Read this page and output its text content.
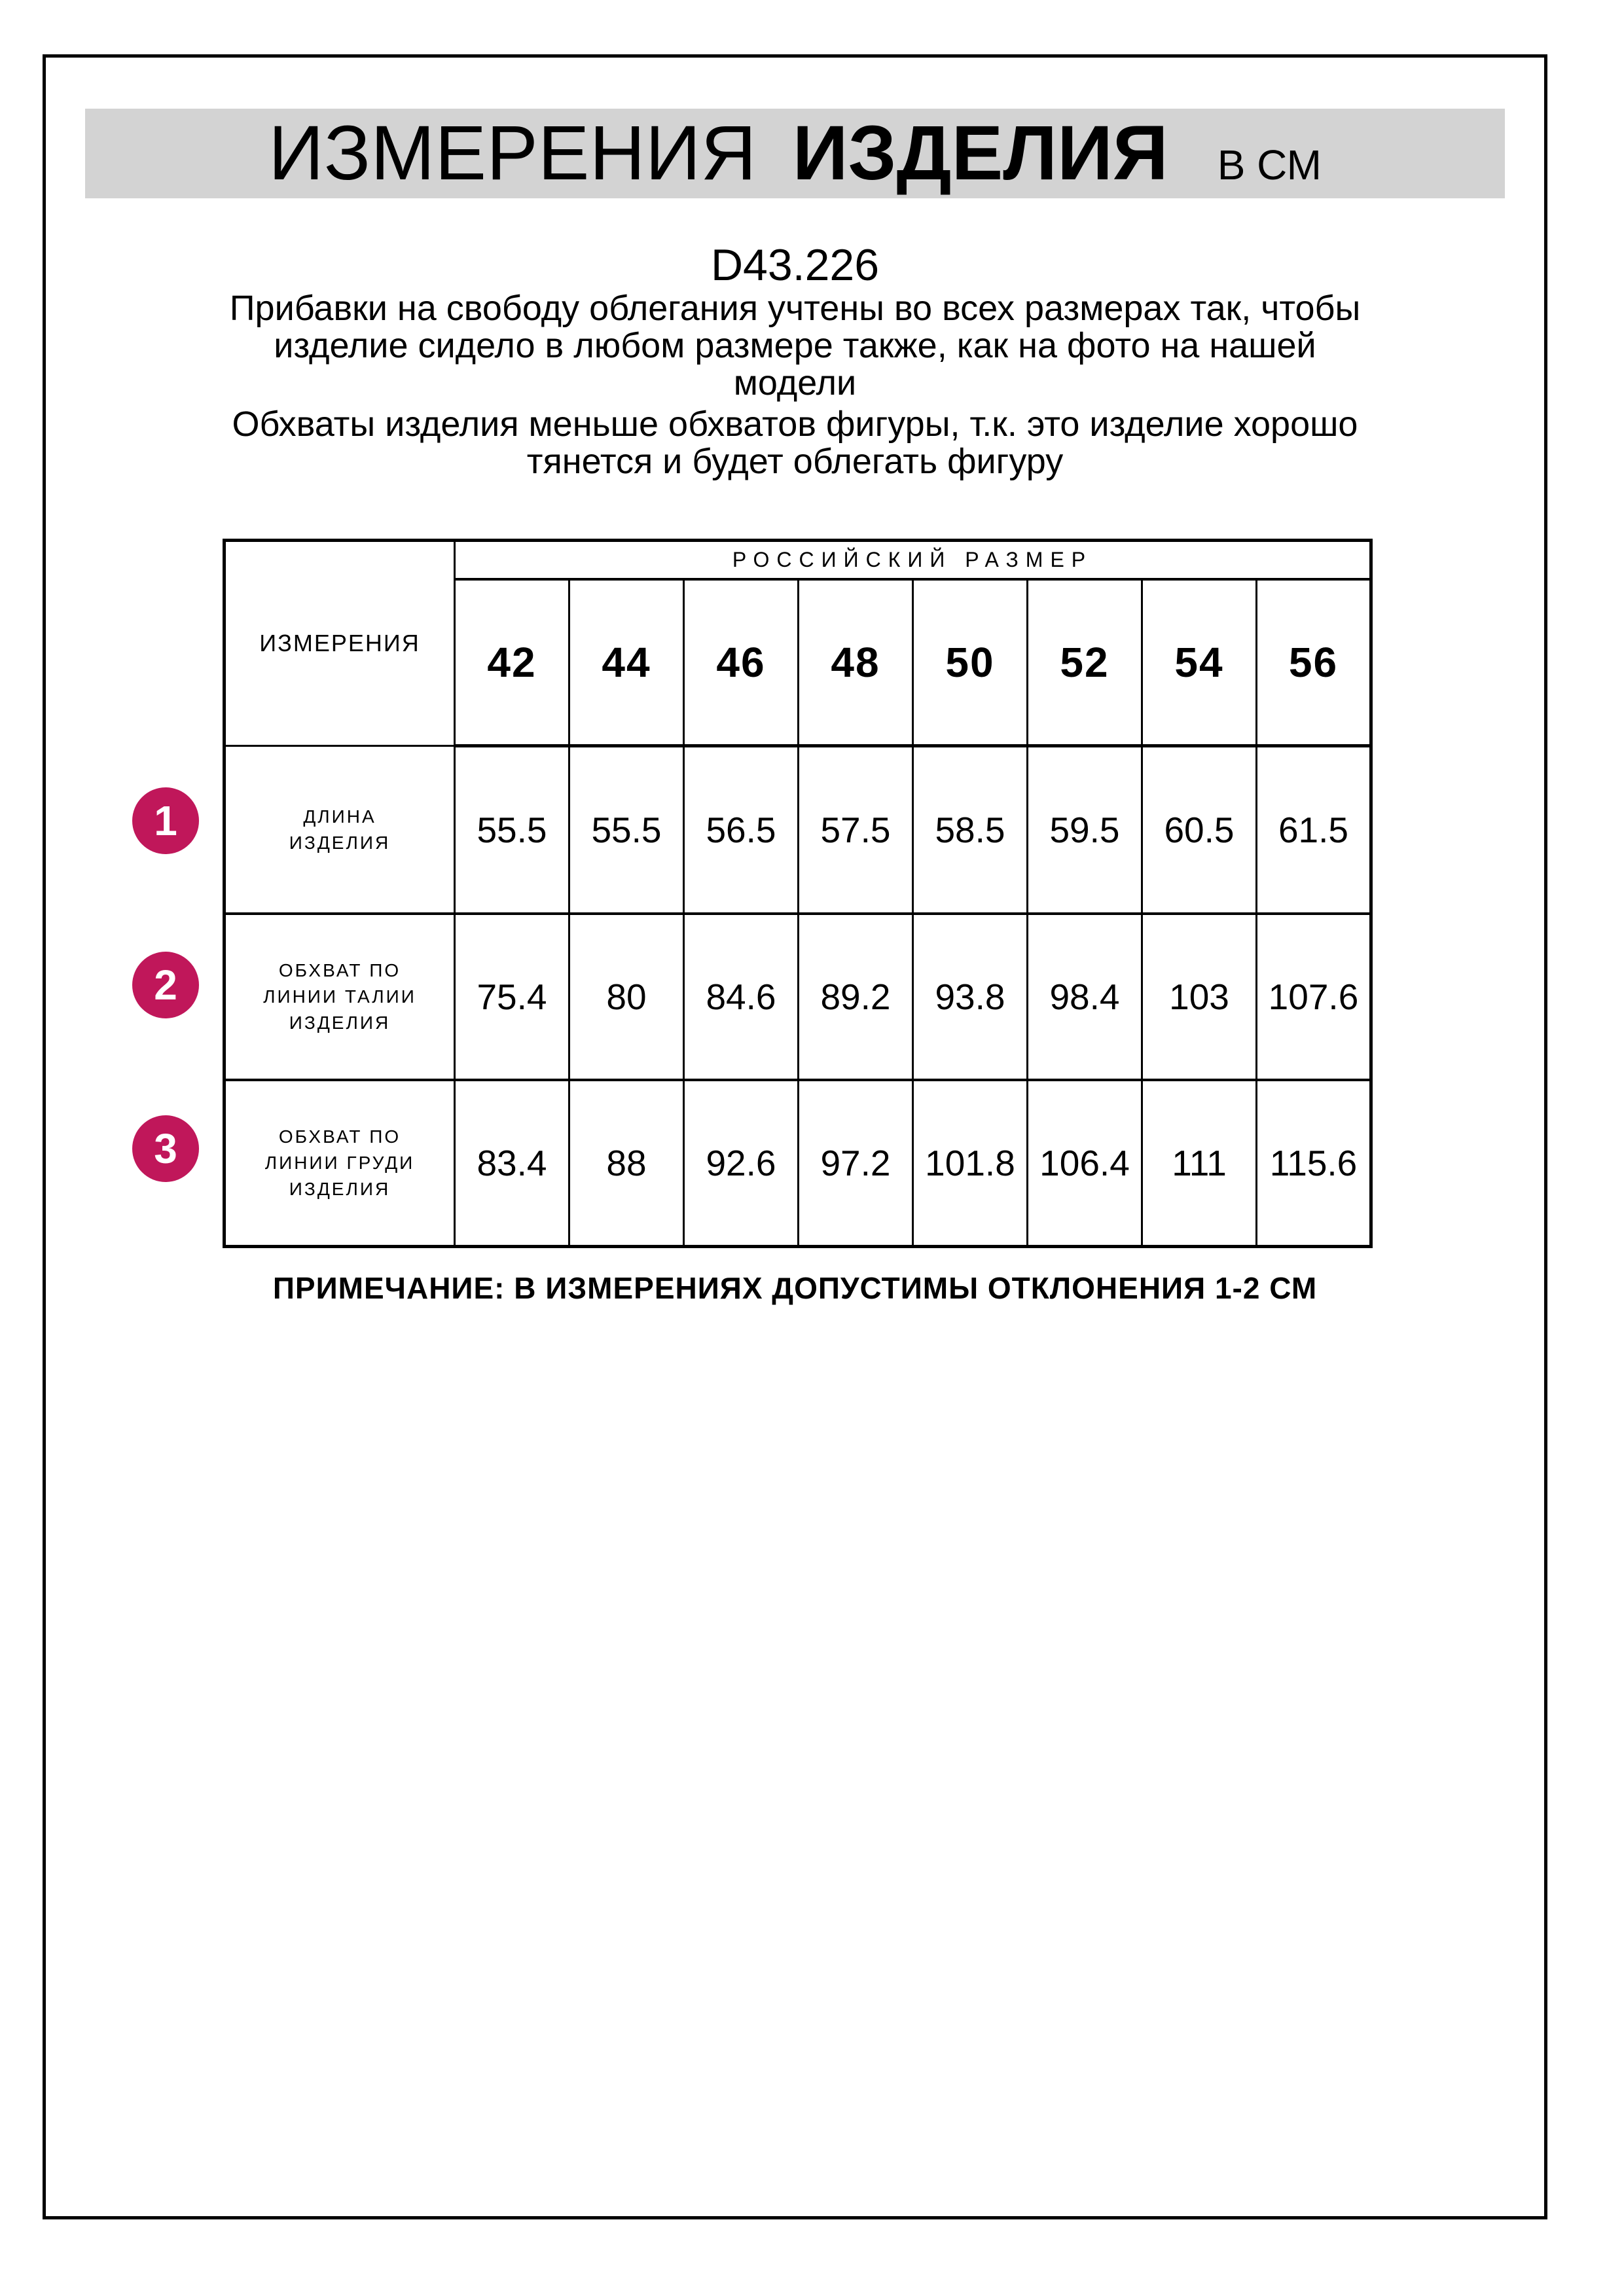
ИЗМЕРЕНИЯ ИЗДЕЛИЯ В СМ
D43.226
Прибавки на свободу облегания учтены во всех размерах так, чтобы
изделие сидело в любом размере также, как на фото на нашей
модели
Обхваты изделия меньше обхватов фигуры, т.к. это изделие хорошо
тянется и будет облегать фигуру
ИЗМЕРЕНИЯ	РОССИЙСКИЙ РАЗМЕР							
	42	44	46	48	50	52	54	56

ДЛИНА
ИЗДЕЛИЯ	55.5	55.5	56.5	57.5	58.5	59.5	60.5	61.5

ОБХВАТ ПО
ЛИНИИ ТАЛИИ
ИЗДЕЛИЯ	75.4	80	84.6	89.2	93.8	98.4	103	107.6

ОБХВАТ ПО
ЛИНИИ ГРУДИ
ИЗДЕЛИЯ	83.4	88	92.6	97.2	101.8	106.4	111	115.6
1
2
3
ПРИМЕЧАНИЕ: В ИЗМЕРЕНИЯХ ДОПУСТИМЫ ОТКЛОНЕНИЯ 1-2 СМ
